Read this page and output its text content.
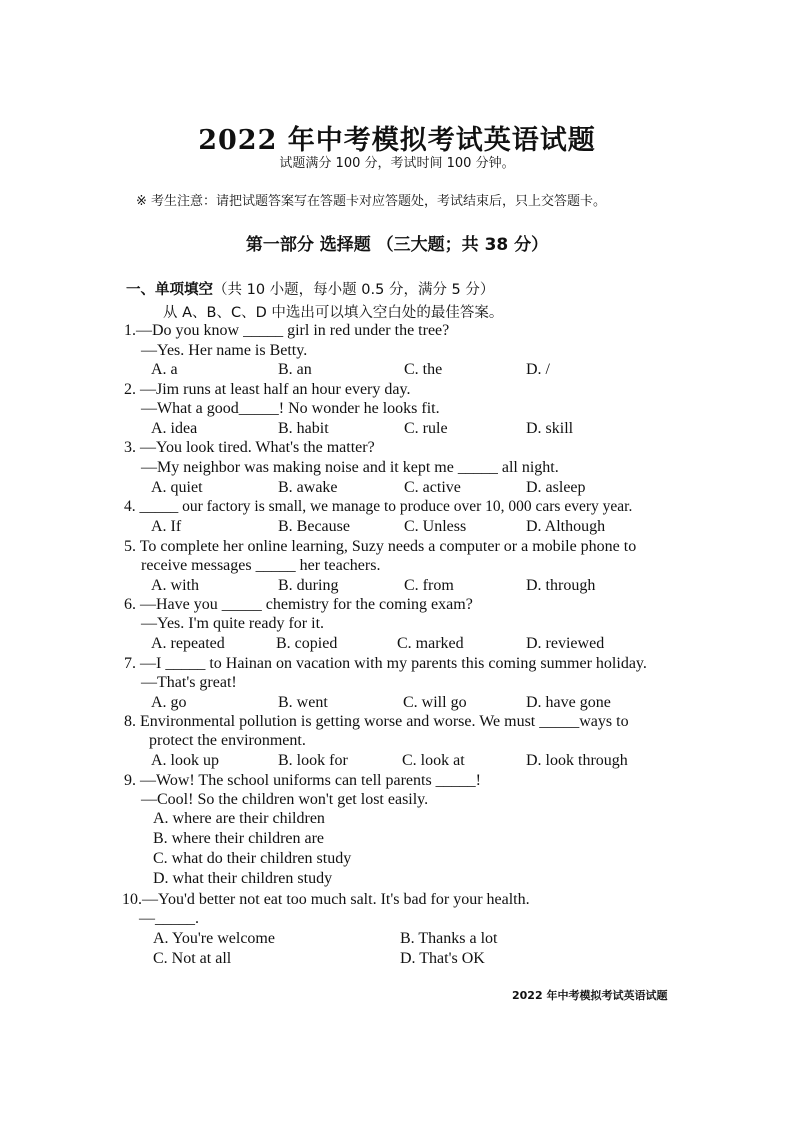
2022 年中考模拟考试英语试题
试题满分 100 分，考试时间 100 分钟。
※ 考生注意：请把试题答案写在答题卡对应答题处，考试结束后，只上交答题卡。
第一部分 选择题 （三大题；共 38 分）
一、单项填空（共 10 小题，每小题 0.5 分，满分 5 分）
从 A、B、C、D 中选出可以填入空白处的最佳答案。
1.—Do you know _____ girl in red under the tree?
—Yes. Her name is Betty.
A. a	B. an	C. the	D. /
2. —Jim runs at least half an hour every day.
—What a good_____! No wonder he looks fit.
A. idea	B. habit	C. rule	D. skill
3. —You look tired. What's the matter?
—My neighbor was making noise and it kept me _____ all night.
A. quiet	B. awake	C. active	D. asleep
4. _____ our factory is small, we manage to produce over 10, 000 cars every year.
A. If	B. Because	C. Unless	D. Although
5. To complete her online learning, Suzy needs a computer or a mobile phone to
receive messages _____ her teachers.
A. with	B. during	C. from	D. through
6. —Have you _____ chemistry for the coming exam?
—Yes. I'm quite ready for it.
A. repeated	B. copied	C. marked	D. reviewed
7. —I _____ to Hainan on vacation with my parents this coming summer holiday.
—That's great!
A. go	B. went	C. will go	D. have gone
8. Environmental pollution is getting worse and worse. We must _____ways to
protect the environment.
A. look up	B. look for	C. look at	D. look through
9. —Wow! The school uniforms can tell parents _____!
—Cool! So the children won't get lost easily.
A. where are their children
B. where their children are
C. what do their children study
D. what their children study
10.—You'd better not eat too much salt. It's bad for your health.
—_____.
A. You're welcome	B. Thanks a lot
C. Not at all	D. That's OK
2022 年中考模拟考试英语试题
